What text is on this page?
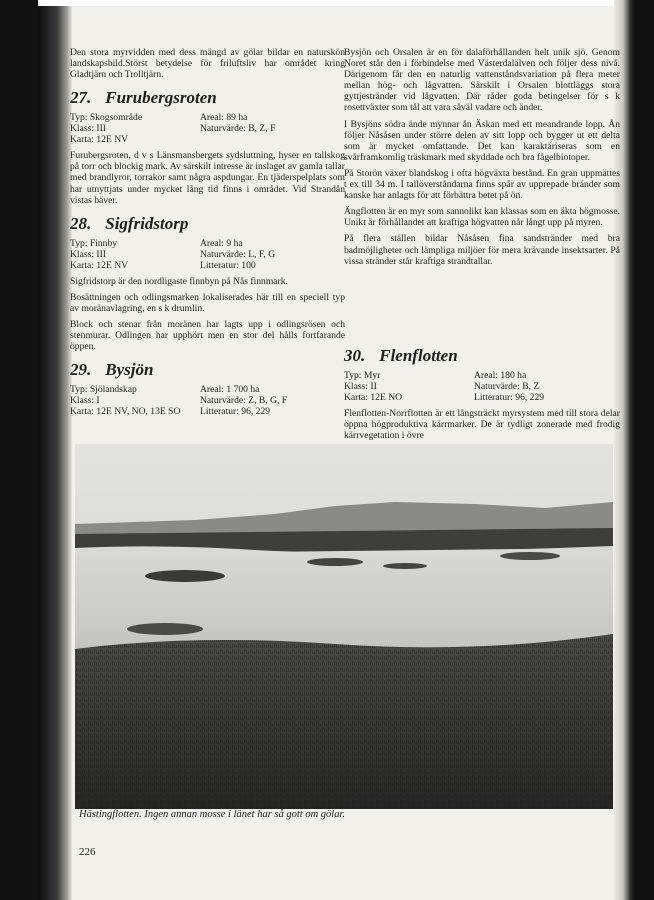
Den stora myrvidden med dess mängd av gölar bildar en naturskön landskapsbild.Störst betydelse för friluftsliv har området kring Gladtjärn och Trolltjärn.

27. Furubergsroten
Typ: Skogsområde	Areal: 89 ha
Klass: III	Naturvärde: B, Z, F
Karta: 12E NV

Furubergsroten, d v s Länsmansbergets sydsluttning, hyser en tallskog på torr och blockig mark. Av särskilt intresse är inslaget av gamla tallar med brandlyror, torrakor samt några aspdungar. En tjäderspelplats som har utnyttjats under mycket lång tid finns i området. Vid Strandån vistas bäver.

28. Sigfridstorp
Typ: Finnby	Areal: 9 ha
Klass: III	Naturvärde: L, F, G
Karta: 12E NV	Litteratur: 100

Sigfridstorp är den nordligaste finnbyn på Nås finnmark.

Bosättningen och odlingsmarken lokaliserades här till en speciell typ av moränavlagring, en s k drumlin.

Block och stenar från moränen har lagts upp i odlingsrösen och stenmurar. Odlingen har upphört men en stor del hålls fortfarande öppen.

29. Bysjön
Typ: Sjölandskap	Areal: 1 700 ha
Klass: I	Naturvärde: Z, B, G, F
Karta: 12E NV, NO, 13E SO	Litteratur: 96, 229

Bysjön och Orsalen är en för dalaförhållanden helt unik sjö. Genom Noret står den i förbindelse med Västerdalälven och följer dess nivå. Därigenom får den en naturlig vattenståndsvariation på flera meter mellan hög- och lågvatten. Särskilt i Orsalen blottläggs stora gyttjestränder vid lågvatten. Där råder goda betingelser för s k rosettväxter som tål att vara såväl vadare och änder.

I Bysjöns södra ände mynnar ån Äskan med ett meandrande lopp. Ån följer Nåsåsen under större delen av sitt lopp och bygger ut ett delta som är mycket omfattande. Det kan karaktäriseras som en svårframkomlig träskmark med skyddade och bra fågelbiotoper.

På Storön växer blandskog i ofta högväxta bestånd. En gran uppmättes t ex till 34 m. I tallöverståndarna finns spår av upprepade bränder som kanske har anlagts för att förbättra betet på ön.

Ängflotten är en myr som sannolikt kan klassas som en äkta högmosse. Unikt är förhållandet att kraftiga högvatten når långt upp på myren.

På flera ställen bildar Nåsåsen fina sandstränder med bra badmöjligheter och lämpliga miljöer för mera krävande insektsarter. På vissa stränder står kraftiga strandtallar.

30. Flenflotten
Typ: Myr	Areal: 180 ha
Klass: II	Naturvärde: B, Z
Karta: 12E NO	Litteratur: 96, 229

Flenflotten-Norrflotten är ett långsträckt myrsystem med till stora delar öppna högproduktiva kärrmarker. De är tydligt zonerade med frodig kärrvegetation i övre

Hästingflotten. Ingen annan mosse i länet har så gott om gölar.
226
